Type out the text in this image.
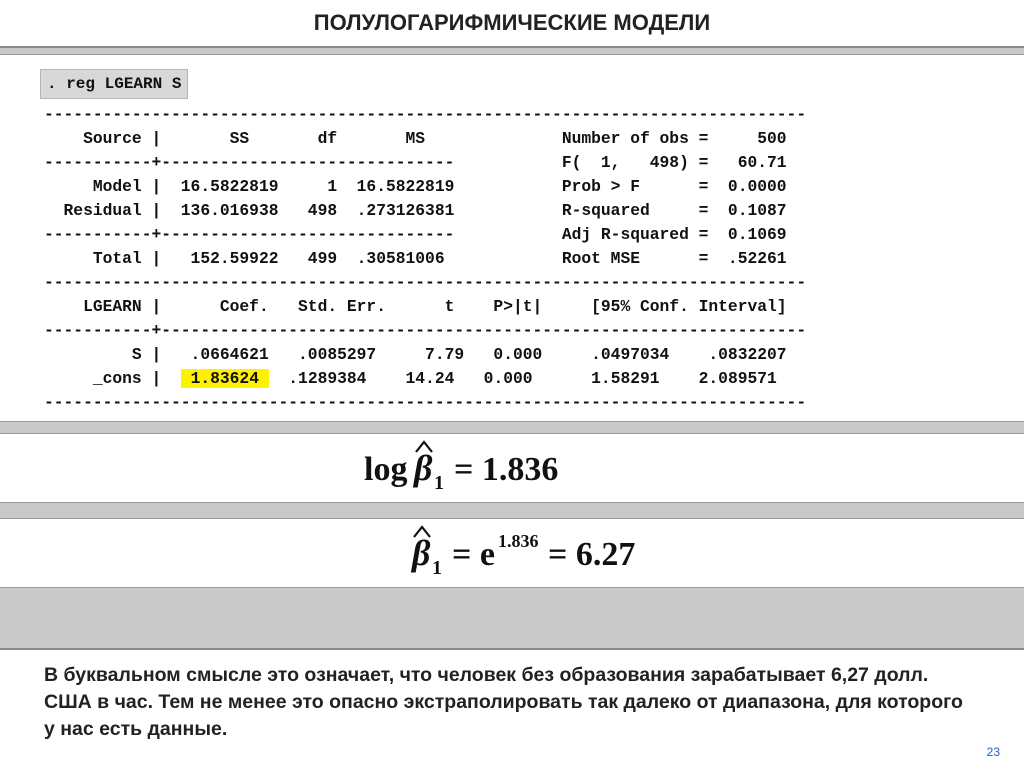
ПОЛУЛОГАРИФМИЧЕСКИЕ МОДЕЛИ
. reg LGEARN S
------------------------------------------------------------------------------
Source |       SS       df       MS              Number of obs =     500
-----------+------------------------------           F(  1,   498) =   60.71
Model |  16.5822819     1  16.5822819           Prob > F      =  0.0000
Residual |  136.016938   498  .273126381           R-squared     =  0.1087
-----------+------------------------------           Adj R-squared =  0.1069
Total |   152.59922   499  .30581006            Root MSE      =  .52261
------------------------------------------------------------------------------
LGEARN |      Coef.   Std. Err.      t    P>|t|     [95% Conf. Interval]
-----------+------------------------------------------------------------------
S |   .0664621   .0085297     7.79   0.000     .0497034    .0832207
_cons |   1.83624   .1289384    14.24   0.000      1.58291    2.089571
------------------------------------------------------------------------------
log β 1 = 1.836
β 1 = e 1.836 = 6.27
В буквальном смысле это означает, что человек без образования зарабатывает 6,27 долл. США в час. Тем не менее это опасно экстраполировать так далеко от диапазона, для которого у нас есть данные.
23
